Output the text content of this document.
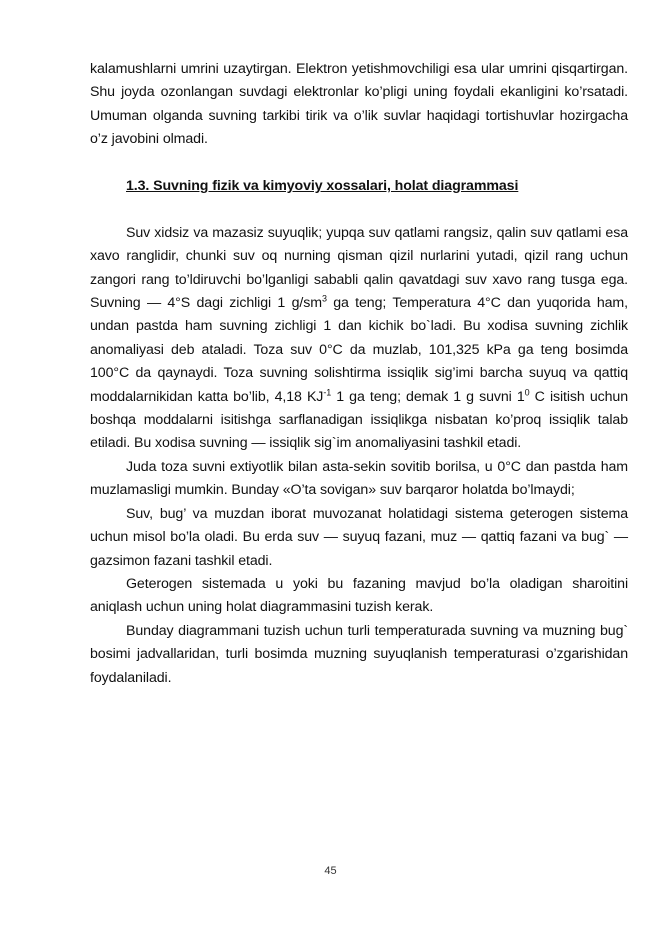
kalamushlarni umrini uzaytirgan. Elektron yetishmovchiligi esa ular umrini qisqartirgan. Shu joyda ozonlangan suvdagi elektronlar ko’pligi uning foydali ekanligini ko’rsatadi. Umuman olganda suvning tarkibi tirik va o’lik suvlar haqidagi tortishuvlar hozirgacha o’z javobini olmadi.

1.3. Suvning fizik va kimyoviy xossalari, holat diagrammasi

Suv xidsiz va mazasiz suyuqlik; yupqa suv qatlami rangsiz, qalin suv qatlami esa xavo ranglidir, chunki suv oq nurning qisman qizil nurlarini yutadi, qizil rang uchun zangori rang to’ldiruvchi bo’lganligi sababli qalin qavatdagi suv xavo rang tusga ega. Suvning — 4°S dagi zichligi 1 $g/sm^3$ ga teng; Temperatura 4°C dan yuqorida ham, undan pastda ham suvning zichligi 1 dan kichik bo`ladi. Bu xodisa suvning zichlik anomaliyasi deb ataladi. Toza suv 0°C da muzlab, 101,325 kPa ga teng bosimda 100°C da qaynaydi. Toza suvning solishtirma issiqlik sig’imi barcha suyuq va qattiq moddalarnikidan katta bo’lib, 4,18 $KJ^{-1}$ 1 ga teng; demak 1 g suvni $1^0$ C isitish uchun boshqa moddalarni isitishga sarflanadigan issiqlikga nisbatan ko’proq issiqlik talab etiladi. Bu xodisa suvning — issiqlik sig`im anomaliyasini tashkil etadi.

Juda toza suvni extiyotlik bilan asta-sekin sovitib borilsa, u 0°C dan pastda ham muzlamasligi mumkin. Bunday «O’ta sovigan» suv barqaror holatda bo’lmaydi;

Suv, bug’ va muzdan iborat muvozanat holatidagi sistema geterogen sistema uchun misol bo’la oladi. Bu erda suv — suyuq fazani, muz — qattiq fazani va bug` — gazsimon fazani tashkil etadi.

Geterogen sistemada u yoki bu fazaning mavjud bo’la oladigan sharoitini aniqlash uchun uning holat diagrammasini tuzish kerak.

Bunday diagrammani tuzish uchun turli temperaturada suvning va muzning bug` bosimi jadvallaridan, turli bosimda muzning suyuqlanish temperaturasi o’zgarishidan foydalaniladi.

45
